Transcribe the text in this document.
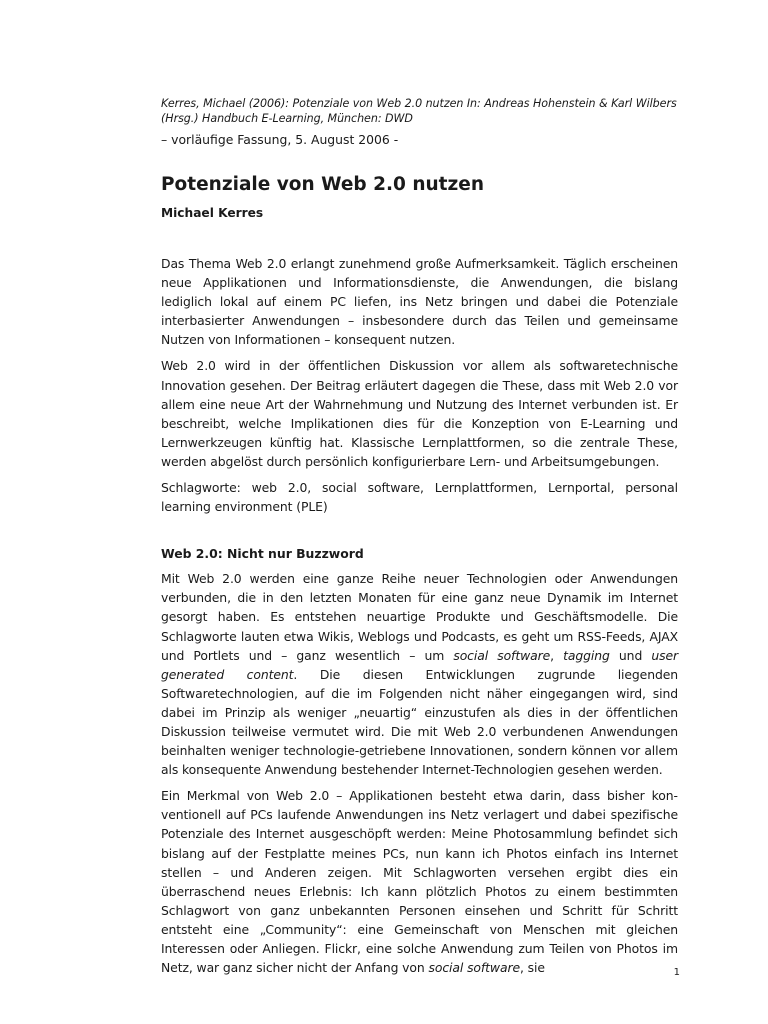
Kerres, Michael (2006): Potenziale von Web 2.0 nutzen In: Andreas Hohenstein & Karl Wilbers (Hrsg.) Handbuch E-Learning, München: DWD

– vorläufige Fassung, 5. August 2006 -

Potenziale von Web 2.0 nutzen

Michael Kerres

Das Thema Web 2.0 erlangt zunehmend große Aufmerksamkeit. Täglich erscheinen neue Applikationen und Informationsdienste, die Anwendungen, die bislang lediglich lokal auf einem PC liefen, ins Netz bringen und dabei die Potenziale interbasierter Anwendungen – insbesondere durch das Teilen und gemeinsame Nutzen von Informationen – konsequent nutzen.

Web 2.0 wird in der öffentlichen Diskussion vor allem als softwaretechnische Innovation gesehen. Der Beitrag erläutert dagegen die These, dass mit Web 2.0 vor allem eine neue Art der Wahrnehmung und Nutzung des Internet verbunden ist. Er beschreibt, welche Implikationen dies für die Konzeption von E-Learning und Lernwerkzeugen künftig hat. Klassische Lernplattformen, so die zentrale These, werden abgelöst durch persönlich konfigurierbare Lern- und Arbeitsumgebungen.

Schlagworte: web 2.0, social software, Lernplattformen, Lernportal, personal learning environment (PLE)

Web 2.0: Nicht nur Buzzword

Mit Web 2.0 werden eine ganze Reihe neuer Technologien oder Anwendungen verbunden, die in den letzten Monaten für eine ganz neue Dynamik im Internet gesorgt haben. Es entstehen neuartige Produkte und Geschäftsmodelle. Die Schlagworte lauten etwa Wikis, Weblogs und Podcasts, es geht um RSS-Feeds, AJAX und Portlets und – ganz wesentlich – um social software, tagging und user generated content. Die diesen Entwicklungen zugrunde liegenden Softwaretechnologien, auf die im Folgenden nicht näher eingegangen wird, sind dabei im Prinzip als weniger „neuartig“ einzustufen als dies in der öffentlichen Diskussion teilweise vermutet wird. Die mit Web 2.0 verbundenen Anwendungen beinhalten weniger technologie-getriebene Innovationen, sondern können vor allem als konsequente Anwendung bestehender Internet-Technologien gesehen werden.

Ein Merkmal von Web 2.0 – Applikationen besteht etwa darin, dass bisher konventionell auf PCs laufende Anwendungen ins Netz verlagert und dabei spezifische Potenziale des Internet ausgeschöpft werden: Meine Photosammlung befindet sich bislang auf der Festplatte meines PCs, nun kann ich Photos einfach ins Internet stellen – und Anderen zeigen. Mit Schlagworten versehen ergibt dies ein überraschend neues Erlebnis: Ich kann plötzlich Photos zu einem bestimmten Schlagwort von ganz unbekannten Personen einsehen und Schritt für Schritt entsteht eine „Community“: eine Gemeinschaft von Menschen mit gleichen Interessen oder Anliegen. Flickr, eine solche Anwendung zum Teilen von Photos im Netz, war ganz sicher nicht der Anfang von social software, sie	1
